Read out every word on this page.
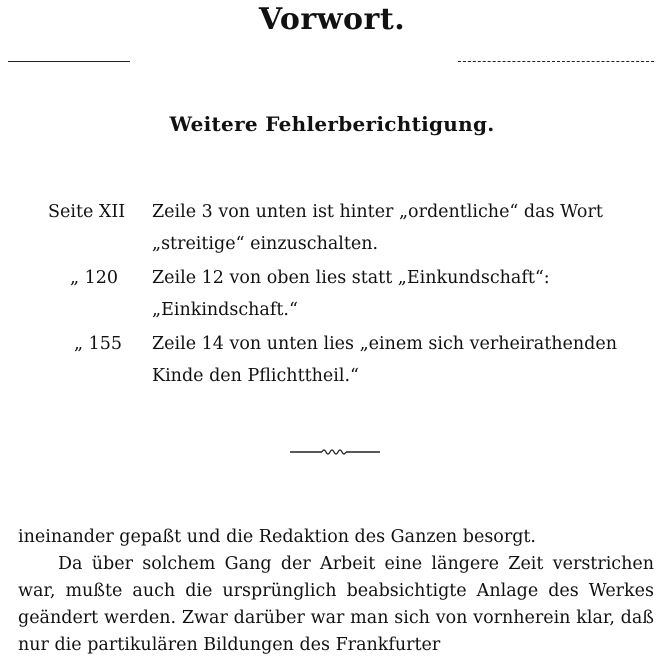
Vorwort.
Weitere Fehlerberichtigung.
Seite XII Zeile 3 von unten ist hinter „ordentliche“ das Wort „streitige“ einzuschalten.
„ 120 Zeile 12 von oben lies statt „Einkundschaft“: „Einkindschaft.“
„ 155 Zeile 14 von unten lies „einem sich verheirathenden Kinde den Pflichttheil.“

ineinander gepaßt und die Redaktion des Ganzen besorgt.

Da über solchem Gang der Arbeit eine längere Zeit verstrichen war, mußte auch die ursprünglich beabsichtigte Anlage des Werkes geändert werden. Zwar darüber war man sich von vornherein klar, daß nur die partikulären Bildungen des Frankfurter
